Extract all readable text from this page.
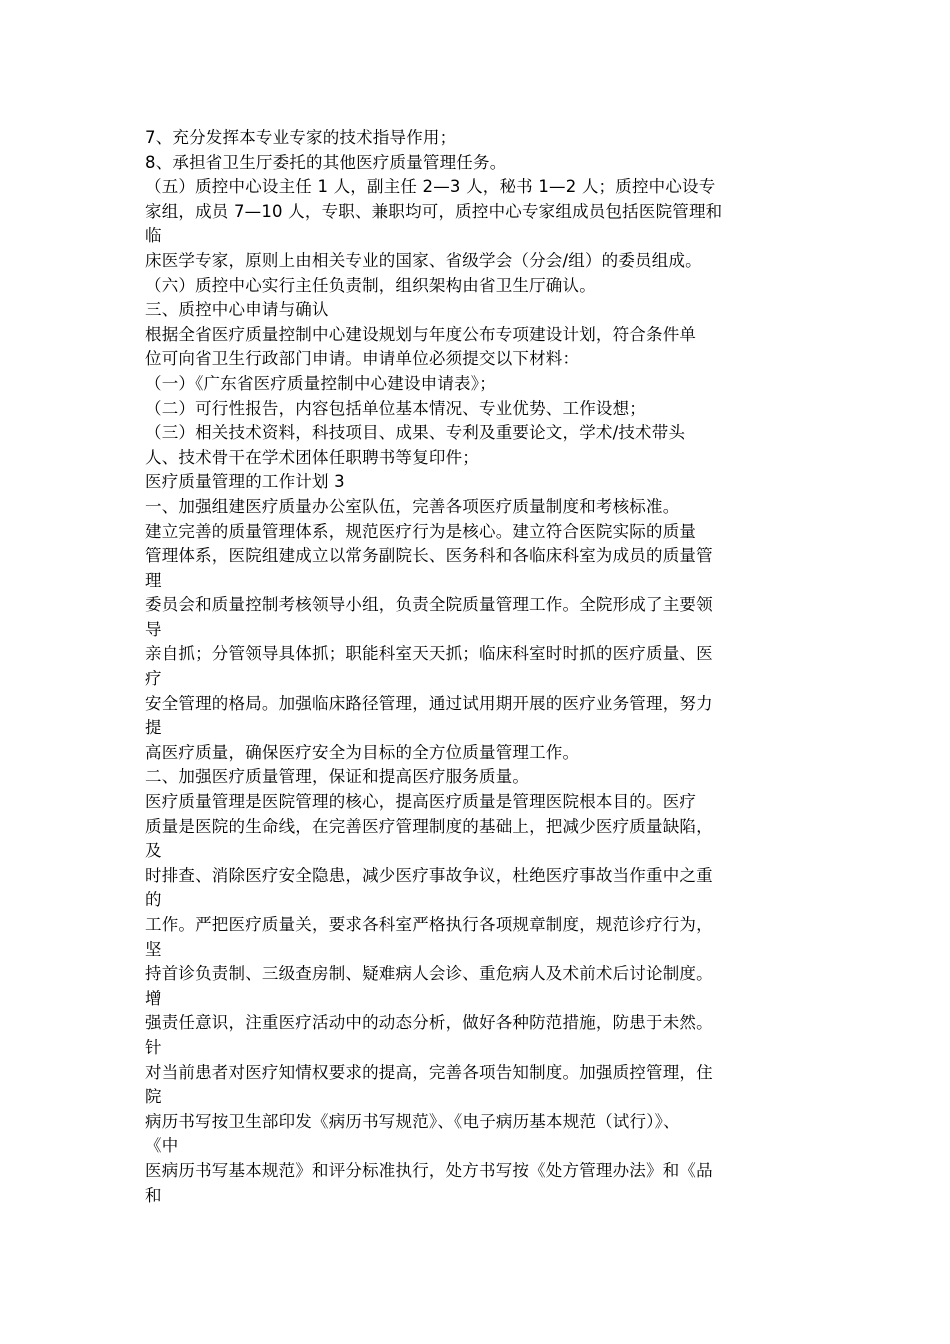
7、充分发挥本专业专家的技术指导作用；
8、承担省卫生厅委托的其他医疗质量管理任务。
（五）质控中心设主任 1 人，副主任 2—3 人，秘书 1—2 人；质控中心设专
家组，成员 7—10 人，专职、兼职均可，质控中心专家组成员包括医院管理和
临
床医学专家，原则上由相关专业的国家、省级学会（分会/组）的委员组成。
（六）质控中心实行主任负责制，组织架构由省卫生厅确认。
三、质控中心申请与确认
根据全省医疗质量控制中心建设规划与年度公布专项建设计划，符合条件单
位可向省卫生行政部门申请。申请单位必须提交以下材料：
（一）《广东省医疗质量控制中心建设申请表》；
（二）可行性报告，内容包括单位基本情况、专业优势、工作设想；
（三）相关技术资料，科技项目、成果、专利及重要论文，学术/技术带头
人、技术骨干在学术团体任职聘书等复印件；
医疗质量管理的工作计划 3
一、加强组建医疗质量办公室队伍，完善各项医疗质量制度和考核标准。
建立完善的质量管理体系，规范医疗行为是核心。建立符合医院实际的质量
管理体系，医院组建成立以常务副院长、医务科和各临床科室为成员的质量管
理
委员会和质量控制考核领导小组，负责全院质量管理工作。全院形成了主要领
导
亲自抓；分管领导具体抓；职能科室天天抓；临床科室时时抓的医疗质量、医
疗
安全管理的格局。加强临床路径管理，通过试用期开展的医疗业务管理，努力
提
高医疗质量，确保医疗安全为目标的全方位质量管理工作。
二、加强医疗质量管理，保证和提高医疗服务质量。
医疗质量管理是医院管理的核心，提高医疗质量是管理医院根本目的。医疗
质量是医院的生命线，在完善医疗管理制度的基础上，把减少医疗质量缺陷，
及
时排查、消除医疗安全隐患，减少医疗事故争议，杜绝医疗事故当作重中之重
的
工作。严把医疗质量关，要求各科室严格执行各项规章制度，规范诊疗行为，
坚
持首诊负责制、三级查房制、疑难病人会诊、重危病人及术前术后讨论制度。
增
强责任意识，注重医疗活动中的动态分析，做好各种防范措施，防患于未然。
针
对当前患者对医疗知情权要求的提高，完善各项告知制度。加强质控管理，住
院
病历书写按卫生部印发《病历书写规范》、《电子病历基本规范（试行）》、
《中
医病历书写基本规范》和评分标准执行，处方书写按《处方管理办法》和《品
和
